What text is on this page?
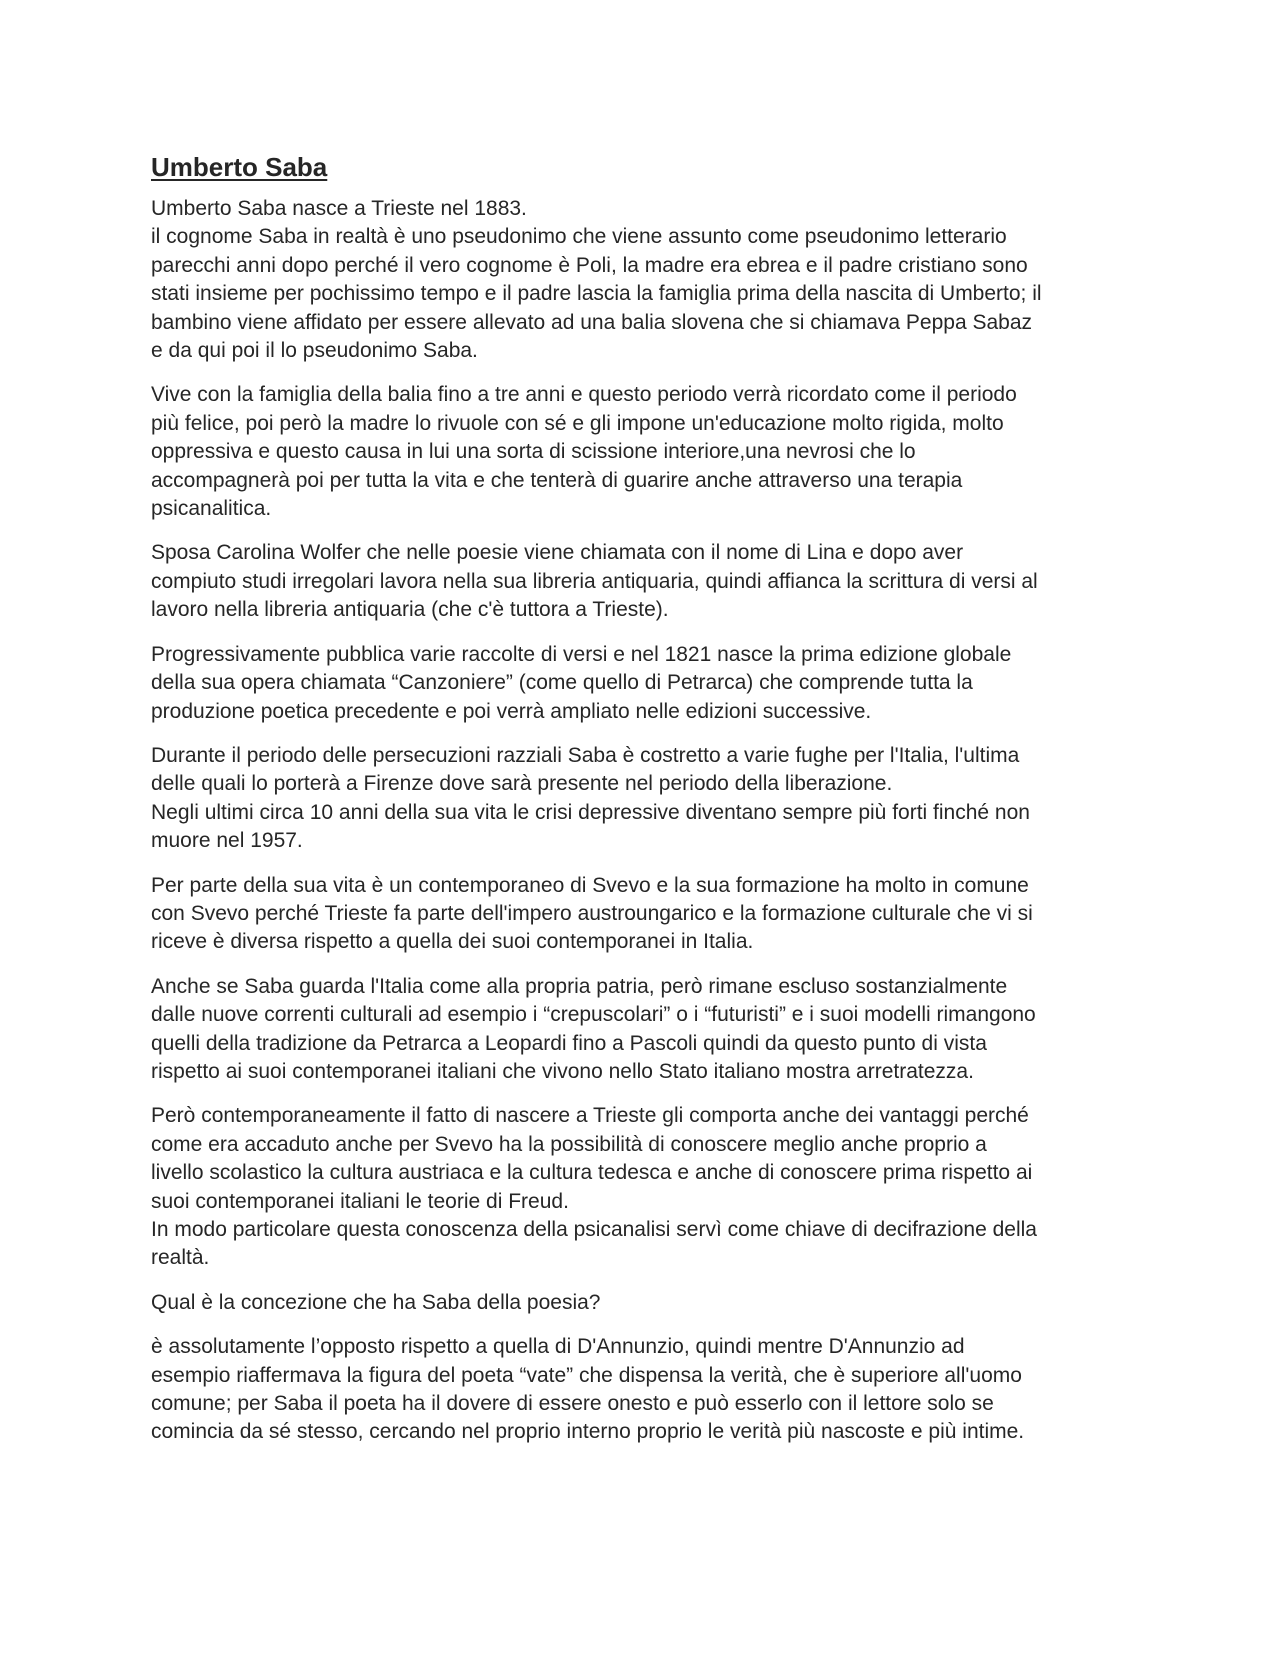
Umberto Saba

Umberto Saba nasce a Trieste nel 1883.
il cognome Saba in realtà è uno pseudonimo che viene assunto come pseudonimo letterario
parecchi anni dopo perché il vero cognome è Poli, la madre era ebrea e il padre cristiano sono
stati insieme per pochissimo tempo e il padre lascia la famiglia prima della nascita di Umberto; il
bambino viene affidato per essere allevato ad una balia slovena che si chiamava Peppa Sabaz
e da qui poi il lo pseudonimo Saba.

Vive con la famiglia della balia fino a tre anni e questo periodo verrà ricordato come il periodo
più felice, poi però la madre lo rivuole con sé e gli impone un'educazione molto rigida, molto
oppressiva e questo causa in lui una sorta di scissione interiore,una nevrosi che lo
accompagnerà poi per tutta la vita e che tenterà di guarire anche attraverso una terapia
psicanalitica.

Sposa Carolina Wolfer che nelle poesie viene chiamata con il nome di Lina e dopo aver
compiuto studi irregolari lavora nella sua libreria antiquaria, quindi affianca la scrittura di versi al
lavoro nella libreria antiquaria (che c'è tuttora a Trieste).

Progressivamente pubblica varie raccolte di versi e nel 1821 nasce la prima edizione globale
della sua opera chiamata “Canzoniere” (come quello di Petrarca) che comprende tutta la
produzione poetica precedente e poi verrà ampliato nelle edizioni successive.

Durante il periodo delle persecuzioni razziali Saba è costretto a varie fughe per l'Italia, l'ultima
delle quali lo porterà a Firenze dove sarà presente nel periodo della liberazione.
Negli ultimi circa 10 anni della sua vita le crisi depressive diventano sempre più forti finché non
muore nel 1957.

Per parte della sua vita è un contemporaneo di Svevo e la sua formazione ha molto in comune
con Svevo perché Trieste fa parte dell'impero austroungarico e la formazione culturale che vi si
riceve è diversa rispetto a quella dei suoi contemporanei in Italia.

Anche se Saba guarda l'Italia come alla propria patria, però rimane escluso sostanzialmente
dalle nuove correnti culturali ad esempio i “crepuscolari” o i “futuristi” e i suoi modelli rimangono
quelli della tradizione da Petrarca a Leopardi fino a Pascoli quindi da questo punto di vista
rispetto ai suoi contemporanei italiani che vivono nello Stato italiano mostra arretratezza.

Però contemporaneamente il fatto di nascere a Trieste gli comporta anche dei vantaggi perché
come era accaduto anche per Svevo ha la possibilità di conoscere meglio anche proprio a
livello scolastico la cultura austriaca e la cultura tedesca e anche di conoscere prima rispetto ai
suoi contemporanei italiani le teorie di Freud.
In modo particolare questa conoscenza della psicanalisi servì come chiave di decifrazione della
realtà.

Qual è la concezione che ha Saba della poesia?

è assolutamente l’opposto rispetto a quella di D'Annunzio, quindi mentre D'Annunzio ad
esempio riaffermava la figura del poeta “vate” che dispensa la verità, che è superiore all'uomo
comune; per Saba il poeta ha il dovere di essere onesto e può esserlo con il lettore solo se
comincia da sé stesso, cercando nel proprio interno proprio le verità più nascoste e più intime.
